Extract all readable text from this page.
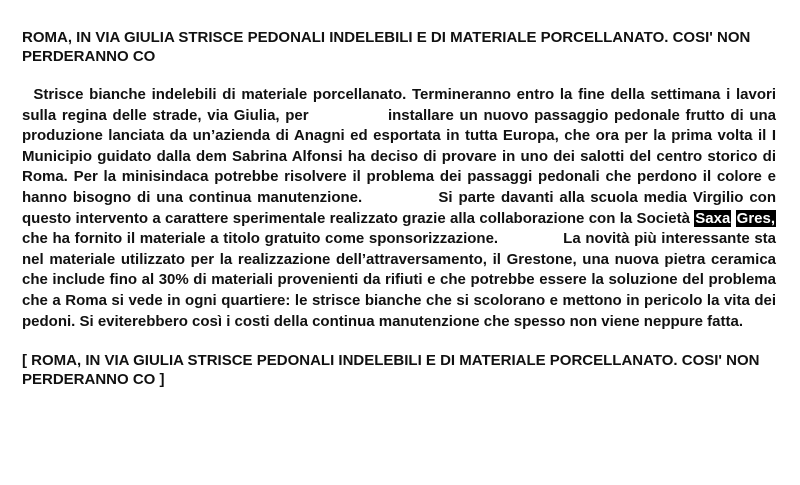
ROMA, IN VIA GIULIA STRISCE PEDONALI INDELEBILI E DI MATERIALE PORCELLANATO. COSI' NON PERDERANNO CO

Strisce bianche indelebili di materiale porcellanato. Termineranno entro la fine della settimana i lavori sulla regina delle strade, via Giulia, per              installare un nuovo passaggio pedonale frutto di una produzione lanciata da un’azienda di Anagni ed esportata in tutta Europa, che ora per la prima volta il I Municipio guidato dalla dem Sabrina Alfonsi ha deciso di provare in uno dei salotti del centro storico di Roma. Per la minisindaca potrebbe risolvere il problema dei passaggi pedonali che perdono il colore e hanno bisogno di una continua manutenzione.             Si parte davanti alla scuola media Virgilio con questo intervento a carattere sperimentale realizzato grazie alla collaborazione con la Società Saxa Gres, che ha fornito il materiale a titolo gratuito come sponsorizzazione.              La novità più interessante sta nel materiale utilizzato per la realizzazione dell’attraversamento, il Grestone, una nuova pietra ceramica che include fino al 30% di materiali provenienti da rifiuti e che potrebbe essere la soluzione del problema che a Roma si vede in ogni quartiere: le strisce bianche che si scolorano e mettono in pericolo la vita dei pedoni. Si eviterebbero così i costi della continua manutenzione che spesso non viene neppure fatta.

[ ROMA, IN VIA GIULIA STRISCE PEDONALI INDELEBILI E DI MATERIALE PORCELLANATO. COSI' NON PERDERANNO CO ]
